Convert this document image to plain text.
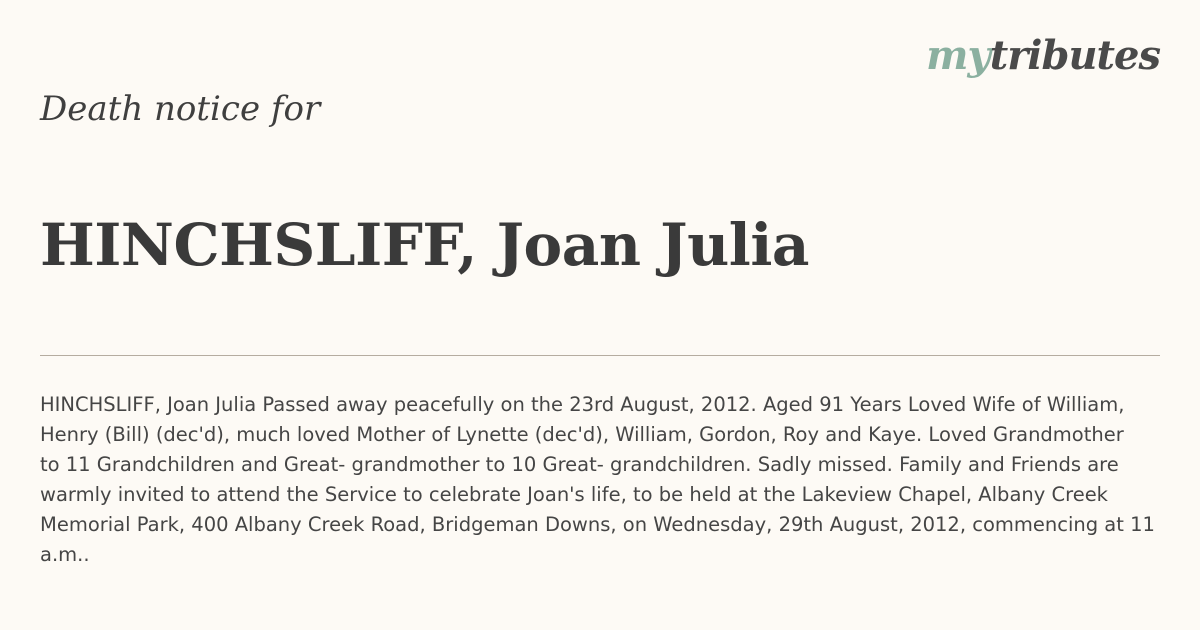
mytributes
Death notice for
HINCHSLIFF, Joan Julia
HINCHSLIFF, Joan Julia Passed away peacefully on the 23rd August, 2012. Aged 91 Years Loved Wife of William,
Henry (Bill) (dec'd), much loved Mother of Lynette (dec'd), William, Gordon, Roy and Kaye. Loved Grandmother
to 11 Grandchildren and Great- grandmother to 10 Great- grandchildren. Sadly missed. Family and Friends are
warmly invited to attend the Service to celebrate Joan's life, to be held at the Lakeview Chapel, Albany Creek
Memorial Park, 400 Albany Creek Road, Bridgeman Downs, on Wednesday, 29th August, 2012, commencing at 11 a.m..
